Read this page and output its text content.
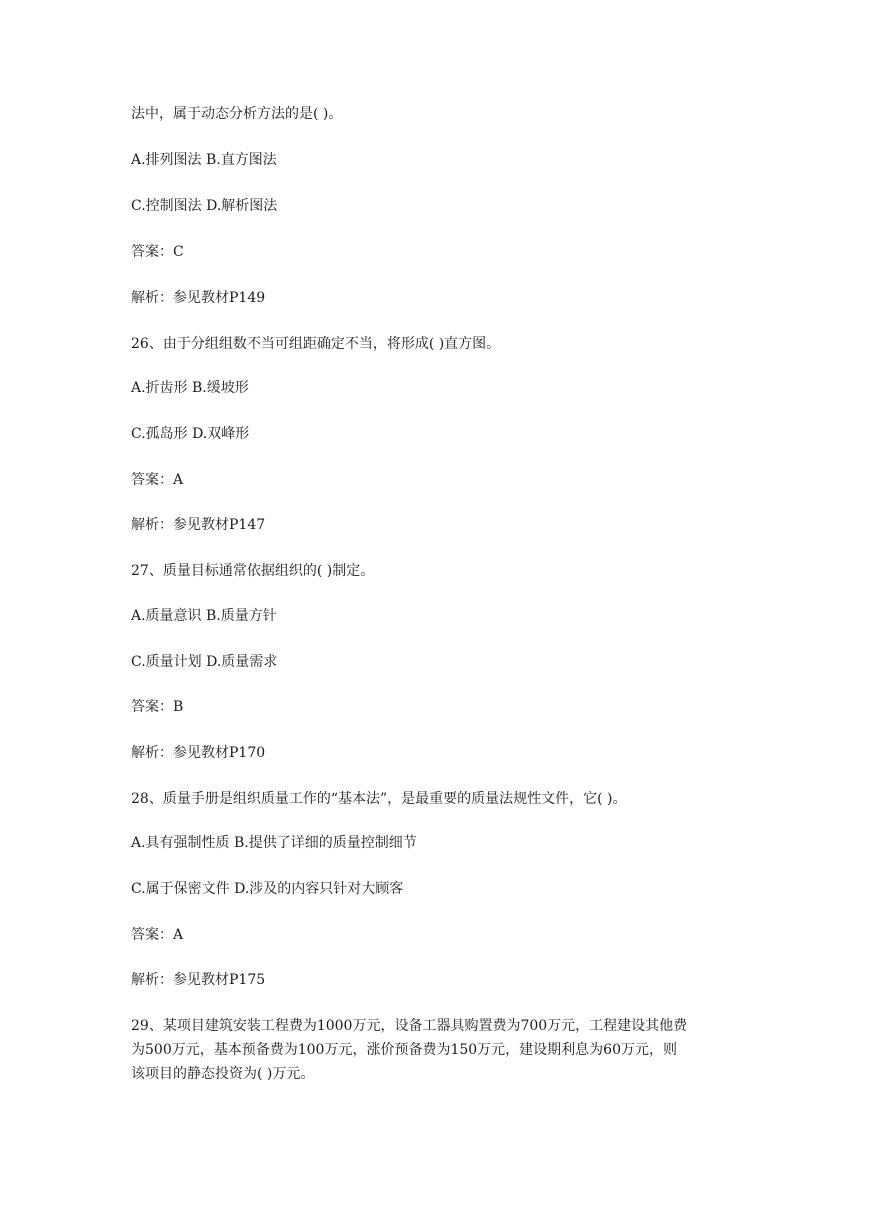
法中，属于动态分析方法的是( )。
A.排列图法 B.直方图法
C.控制图法 D.解析图法
答案：C
解析：参见教材P149
26、由于分组组数不当可组距确定不当，将形成( )直方图。
A.折齿形 B.缓坡形
C.孤岛形 D.双峰形
答案：A
解析：参见教材P147
27、质量目标通常依据组织的( )制定。
A.质量意识 B.质量方针
C.质量计划 D.质量需求
答案：B
解析：参见教材P170
28、质量手册是组织质量工作的“基本法”，是最重要的质量法规性文件，它( )。
A.具有强制性质 B.提供了详细的质量控制细节
C.属于保密文件 D.涉及的内容只针对大顾客
答案：A
解析：参见教材P175
29、某项目建筑安装工程费为1000万元，设备工器具购置费为700万元，工程建设其他费
为500万元，基本预备费为100万元，涨价预备费为150万元，建设期利息为60万元，则
该项目的静态投资为( )万元。
